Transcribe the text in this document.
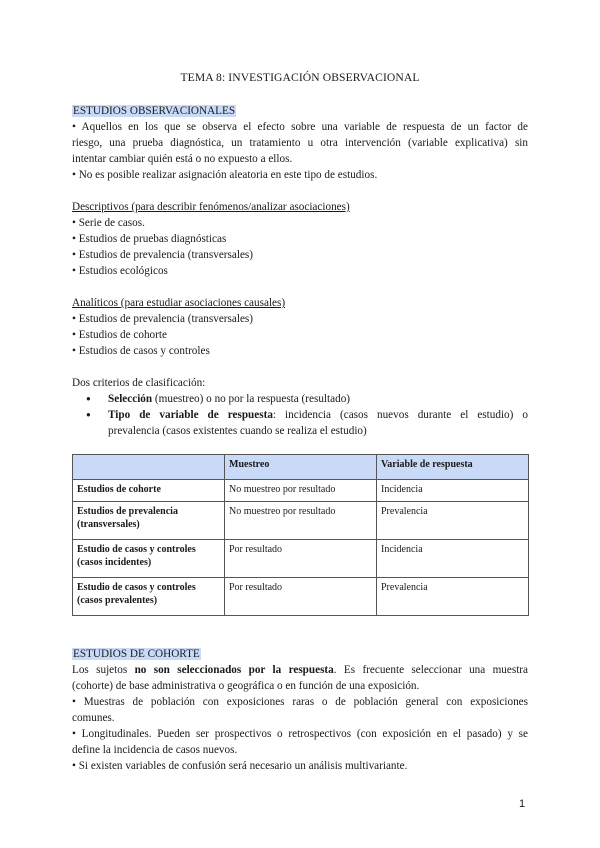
TEMA 8: INVESTIGACIÓN OBSERVACIONAL

ESTUDIOS OBSERVACIONALES

• Aquellos en los que se observa el efecto sobre una variable de respuesta de un factor de

riesgo, una prueba diagnóstica, un tratamiento u otra intervención (variable explicativa) sin

intentar cambiar quién está o no expuesto a ellos.

• No es posible realizar asignación aleatoria en este tipo de estudios.

Descriptivos (para describir fenómenos/analizar asociaciones)

• Serie de casos.

• Estudios de pruebas diagnósticas

• Estudios de prevalencia (transversales)

• Estudios ecológicos

Analíticos (para estudiar asociaciones causales)

• Estudios de prevalencia (transversales)

• Estudios de cohorte

• Estudios de casos y controles

Dos criterios de clasificación:

● Selección (muestreo) o no por la respuesta (resultado)
● Tipo de variable de respuesta: incidencia (casos nuevos durante el estudio) o
prevalencia (casos existentes cuando se realiza el estudio)
	Muestreo	Variable de respuesta
Estudios de cohorte	No muestreo por resultado	Incidencia
Estudios de prevalencia (transversales)	No muestreo por resultado	Prevalencia
Estudio de casos y controles (casos incidentes)	Por resultado	Incidencia
Estudio de casos y controles (casos prevalentes)	Por resultado	Prevalencia

ESTUDIOS DE COHORTE

Los sujetos no son seleccionados por la respuesta. Es frecuente seleccionar una muestra

(cohorte) de base administrativa o geográfica o en función de una exposición.

• Muestras de población con exposiciones raras o de población general con exposiciones

comunes.

• Longitudinales. Pueden ser prospectivos o retrospectivos (con exposición en el pasado) y se

define la incidencia de casos nuevos.

• Si existen variables de confusión será necesario un análisis multivariante.

1
